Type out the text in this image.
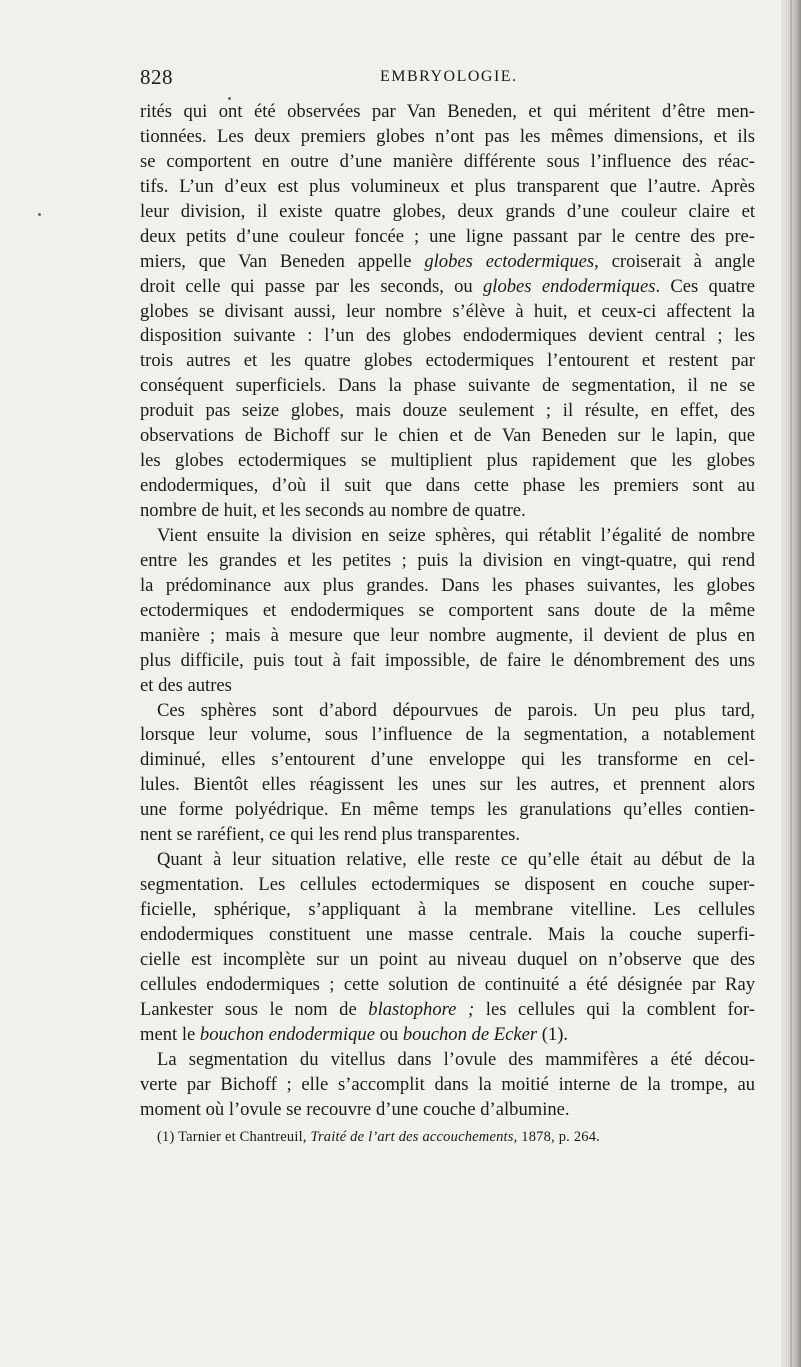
828	EMBRYOLOGIE.
rités qui ont été observées par Van Beneden, et qui méritent d’être men-
tionnées. Les deux premiers globes n’ont pas les mêmes dimensions, et ils
se comportent en outre d’une manière différente sous l’influence des réac-
tifs. L’un d’eux est plus volumineux et plus transparent que l’autre. Après
leur division, il existe quatre globes, deux grands d’une couleur claire et
deux petits d’une couleur foncée ; une ligne passant par le centre des pre-
miers, que Van Beneden appelle globes ectodermiques, croiserait à angle
droit celle qui passe par les seconds, ou globes endodermiques. Ces quatre
globes se divisant aussi, leur nombre s’élève à huit, et ceux-ci affectent la
disposition suivante : l’un des globes endodermiques devient central ; les
trois autres et les quatre globes ectodermiques l’entourent et restent par
conséquent superficiels. Dans la phase suivante de segmentation, il ne se
produit pas seize globes, mais douze seulement ; il résulte, en effet, des
observations de Bichoff sur le chien et de Van Beneden sur le lapin, que
les globes ectodermiques se multiplient plus rapidement que les globes
endodermiques, d’où il suit que dans cette phase les premiers sont au
nombre de huit, et les seconds au nombre de quatre.
Vient ensuite la division en seize sphères, qui rétablit l’égalité de nombre
entre les grandes et les petites ; puis la division en vingt-quatre, qui rend
la prédominance aux plus grandes. Dans les phases suivantes, les globes
ectodermiques et endodermiques se comportent sans doute de la même
manière ; mais à mesure que leur nombre augmente, il devient de plus en
plus difficile, puis tout à fait impossible, de faire le dénombrement des uns
et des autres
Ces sphères sont d’abord dépourvues de parois. Un peu plus tard,
lorsque leur volume, sous l’influence de la segmentation, a notablement
diminué, elles s’entourent d’une enveloppe qui les transforme en cel-
lules. Bientôt elles réagissent les unes sur les autres, et prennent alors
une forme polyédrique. En même temps les granulations qu’elles contien-
nent se raréfient, ce qui les rend plus transparentes.
Quant à leur situation relative, elle reste ce qu’elle était au début de la
segmentation. Les cellules ectodermiques se disposent en couche super-
ficielle, sphérique, s’appliquant à la membrane vitelline. Les cellules
endodermiques constituent une masse centrale. Mais la couche superfi-
cielle est incomplète sur un point au niveau duquel on n’observe que des
cellules endodermiques ; cette solution de continuité a été désignée par Ray
Lankester sous le nom de blastophore ; les cellules qui la comblent for-
ment le bouchon endodermique ou bouchon de Ecker (1).
La segmentation du vitellus dans l’ovule des mammifères a été décou-
verte par Bichoff ; elle s’accomplit dans la moitié interne de la trompe, au
moment où l’ovule se recouvre d’une couche d’albumine.
(1) Tarnier et Chantreuil, Traité de l’art des accouchements, 1878, p. 264.
